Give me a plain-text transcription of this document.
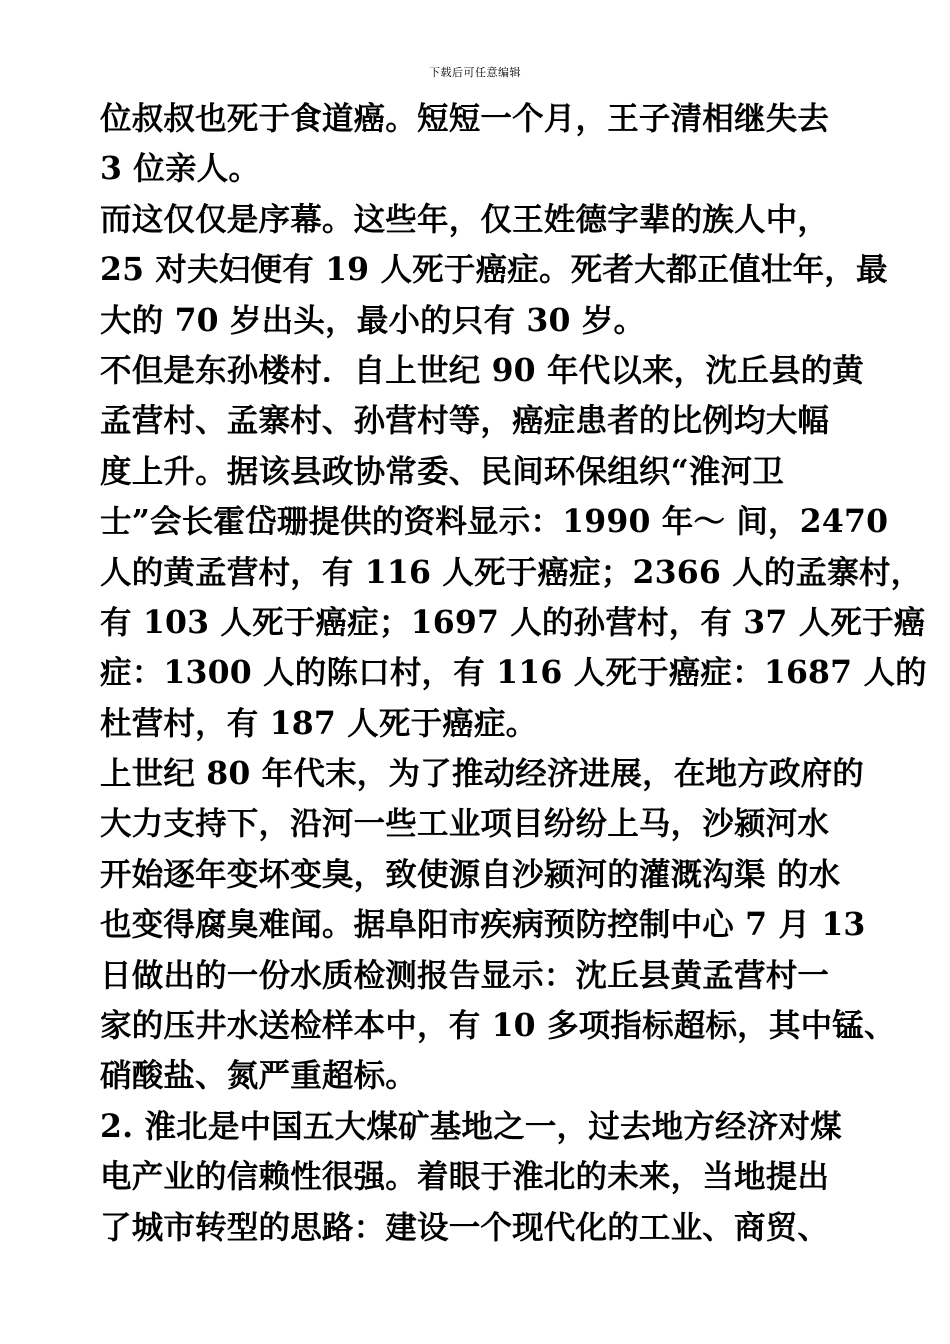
下载后可任意编辑
位叔叔也死于食道癌。短短一个月，王子清相继失去
3 位亲人。
而这仅仅是序幕。这些年，仅王姓德字辈的族人中，
25 对夫妇便有 19 人死于癌症。死者大都正值壮年，最
大的 70 岁出头，最小的只有 30 岁。
不但是东孙楼村．自上世纪 90 年代以来，沈丘县的黄
孟营村、孟寨村、孙营村等，癌症患者的比例均大幅
度上升。据该县政协常委、民间环保组织“淮河卫
士”会长霍岱珊提供的资料显示：1990 年～ 间，2470
人的黄孟营村，有 116 人死于癌症；2366 人的孟寨村，
有 103 人死于癌症；1697 人的孙营村，有 37 人死于癌
症：1300 人的陈口村，有 116 人死于癌症：1687 人的
杜营村，有 187 人死于癌症。
上世纪 80 年代末，为了推动经济进展，在地方政府的
大力支持下，沿河一些工业项目纷纷上马，沙颍河水
开始逐年变坏变臭，致使源自沙颍河的灌溉沟渠 的水
也变得腐臭难闻。据阜阳市疾病预防控制中心 7 月 13
日做出的一份水质检测报告显示：沈丘县黄孟营村一
家的压井水送检样本中，有 10 多项指标超标，其中锰、
硝酸盐、氮严重超标。
2. 淮北是中国五大煤矿基地之一，过去地方经济对煤
电产业的信赖性很强。着眼于淮北的未来，当地提出
了城市转型的思路：建设一个现代化的工业、商贸、
